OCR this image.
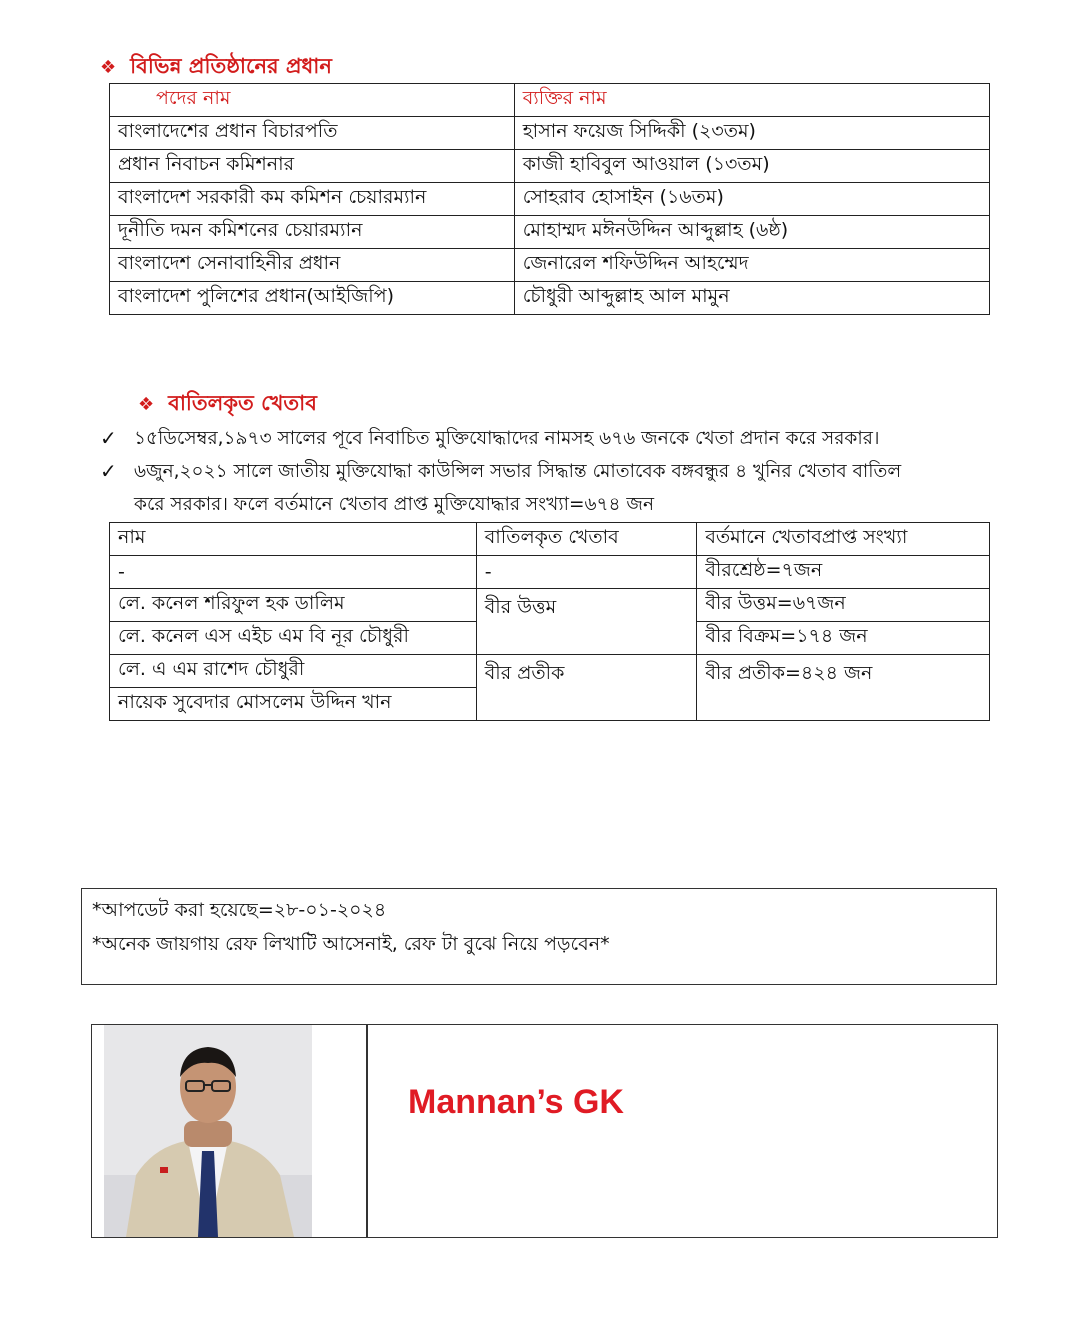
❖ বিভিন্ন প্রতিষ্ঠানের প্রধান
পদের নাম	ব্যক্তির নাম
বাংলাদেশের প্রধান বিচারপতি	হাসান ফয়েজ সিদ্দিকী (২৩তম)
প্রধান নিবাচন কমিশনার	কাজী হাবিবুল আওয়াল (১৩তম)
বাংলাদেশ সরকারী কম কমিশন চেয়ারম্যান	সোহরাব হোসাইন (১৬তম)
দূনীতি দমন কমিশনের চেয়ারম্যান	মোহাম্মদ মঈনউদ্দিন আব্দুল্লাহ (৬ষ্ঠ)
বাংলাদেশ সেনাবাহিনীর প্রধান	জেনারেল শফিউদ্দিন আহম্মেদ
বাংলাদেশ পুলিশের প্রধান(আইজিপি)	চৌধুরী আব্দুল্লাহ আল মামুন
❖ বাতিলকৃত খেতাব
✓ ১৫ডিসেম্বর,১৯৭৩ সালের পূবে নিবাচিত মুক্তিযোদ্ধাদের নামসহ ৬৭৬ জনকে খেতা প্রদান করে সরকার।
✓ ৬জুন,২০২১ সালে জাতীয় মুক্তিযোদ্ধা কাউন্সিল সভার সিদ্ধান্ত মোতাবেক বঙ্গবন্ধুর ৪ খুনির খেতাব বাতিল
করে সরকার। ফলে বর্তমানে খেতাব প্রাপ্ত মুক্তিযোদ্ধার সংখ্যা=৬৭৪ জন
নাম	বাতিলকৃত খেতাব	বর্তমানে খেতাবপ্রাপ্ত সংখ্যা
-	-	বীরশ্রেষ্ঠ=৭জন
লে. কনেল শরিফুল হক ডালিম	বীর উত্তম	বীর উত্তম=৬৭জন
লে. কনেল এস এইচ এম বি নূর চৌধুরী		বীর বিক্রম=১৭৪ জন
লে. এ এম রাশেদ চৌধুরী	বীর প্রতীক	বীর প্রতীক=৪২৪ জন
নায়েক সুবেদার মোসলেম উদ্দিন খান		
*আপডেট করা হয়েছে=২৮-০১-২০২৪
*অনেক জায়গায় রেফ লিখাটি আসেনাই, রেফ টা বুঝে নিয়ে পড়বেন*
Mannan’s GK
